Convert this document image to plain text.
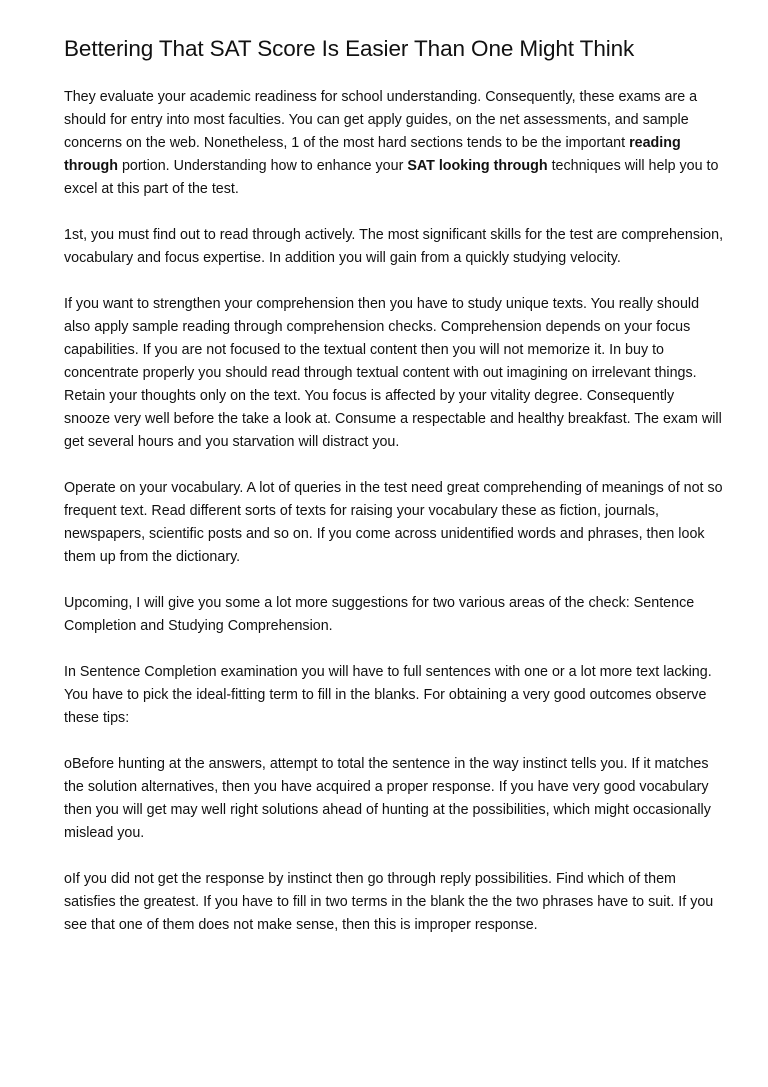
Bettering That SAT Score Is Easier Than One Might Think

They evaluate your academic readiness for school understanding. Consequently, these exams are a should for entry into most faculties. You can get apply guides, on the net assessments, and sample concerns on the web. Nonetheless, 1 of the most hard sections tends to be the important reading through portion. Understanding how to enhance your SAT looking through techniques will help you to excel at this part of the test.

1st, you must find out to read through actively. The most significant skills for the test are comprehension, vocabulary and focus expertise. In addition you will gain from a quickly studying velocity.

If you want to strengthen your comprehension then you have to study unique texts. You really should also apply sample reading through comprehension checks. Comprehension depends on your focus capabilities. If you are not focused to the textual content then you will not memorize it. In buy to concentrate properly you should read through textual content with out imagining on irrelevant things. Retain your thoughts only on the text. You focus is affected by your vitality degree. Consequently snooze very well before the take a look at. Consume a respectable and healthy breakfast. The exam will get several hours and you starvation will distract you.

Operate on your vocabulary. A lot of queries in the test need great comprehending of meanings of not so frequent text. Read different sorts of texts for raising your vocabulary these as fiction, journals, newspapers, scientific posts and so on. If you come across unidentified words and phrases, then look them up from the dictionary.

Upcoming, I will give you some a lot more suggestions for two various areas of the check: Sentence Completion and Studying Comprehension.

In Sentence Completion examination you will have to full sentences with one or a lot more text lacking. You have to pick the ideal-fitting term to fill in the blanks. For obtaining a very good outcomes observe these tips:

oBefore hunting at the answers, attempt to total the sentence in the way instinct tells you. If it matches the solution alternatives, then you have acquired a proper response. If you have very good vocabulary then you will get may well right solutions ahead of hunting at the possibilities, which might occasionally mislead you.

oIf you did not get the response by instinct then go through reply possibilities. Find which of them satisfies the greatest. If you have to fill in two terms in the blank the the two phrases have to suit. If you see that one of them does not make sense, then this is improper response.
